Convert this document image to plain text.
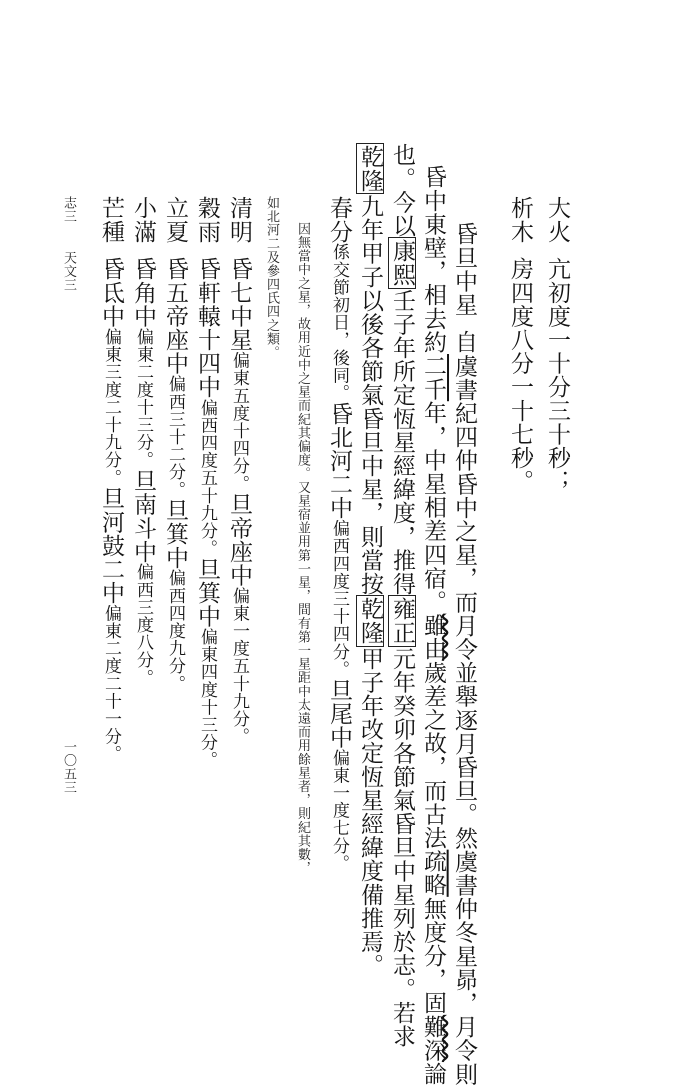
大火亢初度一十分三十秒；
析木房四度八分一十七秒。
昏旦中星自虞書紀四仲昏中之星，而月令並舉逐月昏旦。然虞書仲冬星昴，月令則
昏中東壁，相去約二千年，中星相差四宿。雖由歲差之故，而古法疏略無度分，固難深論
也。今以康熙壬子年所定恆星經緯度，推得雍正元年癸卯各節氣昏旦中星列於志。若求
乾隆九年甲子以後各節氣昏旦中星，則當按乾隆甲子年改定恆星經緯度備推焉。
春分係交節初日，後同。昏北河二中偏西四度三十四分。旦尾中偏東一度七分。
因無當中之星，故用近中之星而紀其偏度。又星宿並用第一星，間有第一星距中太遠而用餘星者，則紀其數，
如北河二及參四氏四之類。
清明昏七中星偏東五度十四分。旦帝座中偏東一度五十九分。
穀雨昏軒轅十四中偏西四度五十九分。旦箕中偏東四度十三分。
立夏昏五帝座中偏西三十二分。旦箕中偏西四度九分。
小滿昏角中偏東二度十三分。旦南斗中偏西三度八分。
芒種昏氐中偏東三度二十九分。旦河鼓二中偏東二度二十一分。
志三
天文三
一〇五三
